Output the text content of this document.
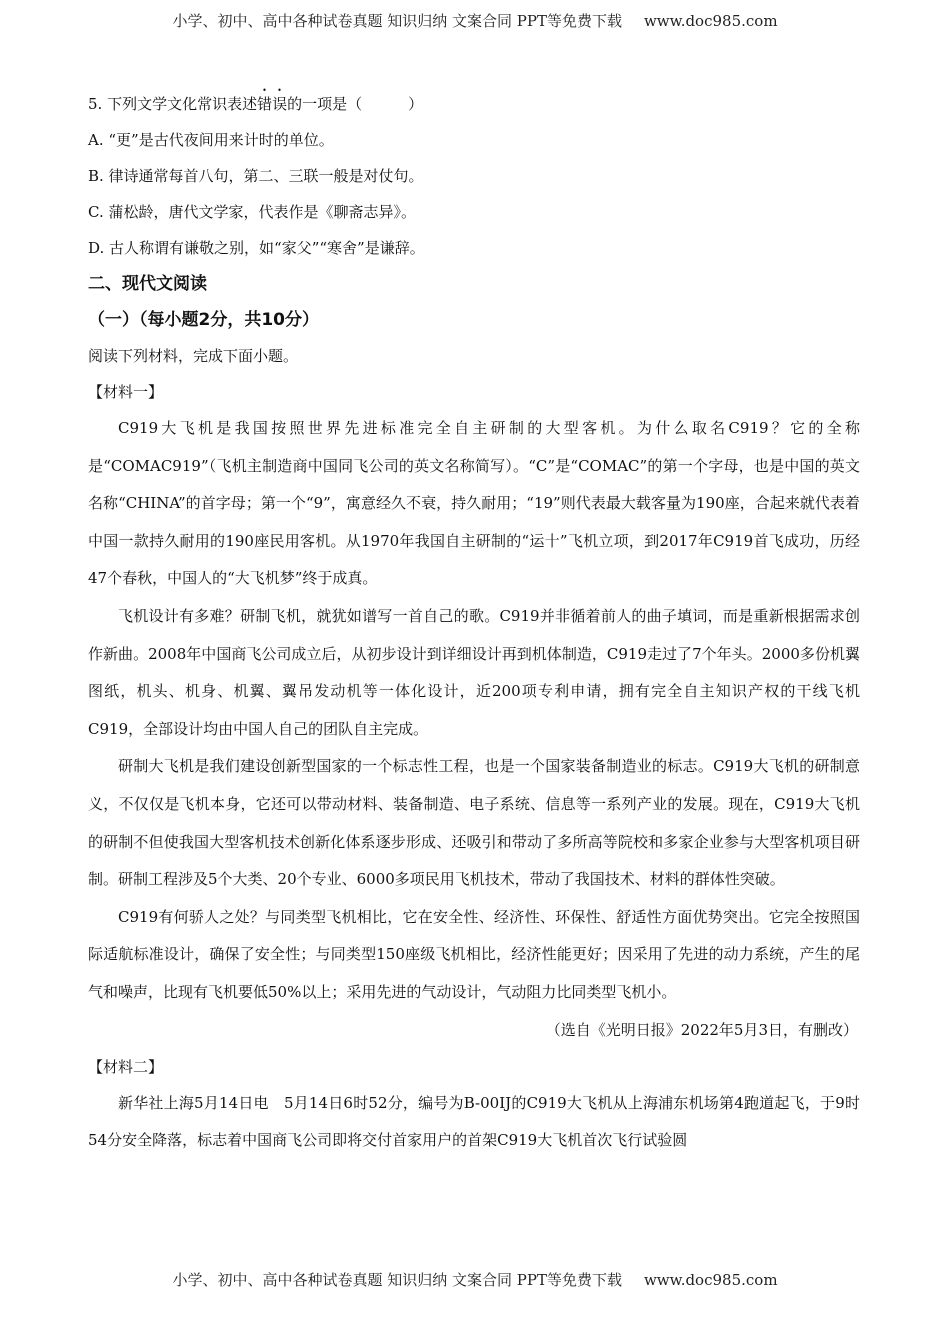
小学、初中、高中各种试卷真题 知识归纳 文案合同 PPT等免费下载 www.doc985.com
5. 下列文学文化常识表述错误的一项是（	）
A. “更”是古代夜间用来计时的单位。
B. 律诗通常每首八句，第二、三联一般是对仗句。
C. 蒲松龄，唐代文学家，代表作是《聊斋志异》。
D. 古人称谓有谦敬之别，如“家父”“寒舍”是谦辞。
二、现代文阅读
（一）（每小题2分，共10分）
阅读下列材料，完成下面小题。
【材料一】

C919大飞机是我国按照世界先进标准完全自主研制的大型客机。为什么取名C919？它的全称是“COMAC919”（飞机主制造商中国同飞公司的英文名称简写）。“C”是“COMAC”的第一个字母，也是中国的英文名称“CHINA”的首字母；第一个“9”，寓意经久不衰，持久耐用；“19”则代表最大载客量为190座，合起来就代表着中国一款持久耐用的190座民用客机。从1970年我国自主研制的“运十”飞机立项，到2017年C919首飞成功，历经47个春秋，中国人的“大飞机梦”终于成真。

飞机设计有多难？研制飞机，就犹如谱写一首自己的歌。C919并非循着前人的曲子填词，而是重新根据需求创作新曲。2008年中国商飞公司成立后，从初步设计到详细设计再到机体制造，C919走过了7个年头。2000多份机翼图纸，机头、机身、机翼、翼吊发动机等一体化设计，近200项专利申请，拥有完全自主知识产权的干线飞机C919，全部设计均由中国人自己的团队自主完成。

研制大飞机是我们建设创新型国家的一个标志性工程，也是一个国家装备制造业的标志。C919大飞机的研制意义，不仅仅是飞机本身，它还可以带动材料、装备制造、电子系统、信息等一系列产业的发展。现在，C919大飞机的研制不但使我国大型客机技术创新化体系逐步形成、还吸引和带动了多所高等院校和多家企业参与大型客机项目研制。研制工程涉及5个大类、20个专业、6000多项民用飞机技术，带动了我国技术、材料的群体性突破。

C919有何骄人之处？与同类型飞机相比，它在安全性、经济性、环保性、舒适性方面优势突出。它完全按照国际适航标准设计，确保了安全性；与同类型150座级飞机相比，经济性能更好；因采用了先进的动力系统，产生的尾气和噪声，比现有飞机要低50%以上；采用先进的气动设计，气动阻力比同类型飞机小。

（选自《光明日报》2022年5月3日，有删改）
【材料二】

新华社上海5月14日电　5月14日6时52分，编号为B-00IJ的C919大飞机从上海浦东机场第4跑道起飞，于9时54分安全降落，标志着中国商飞公司即将交付首家用户的首架C919大飞机首次飞行试验圆

小学、初中、高中各种试卷真题 知识归纳 文案合同 PPT等免费下载 www.doc985.com
